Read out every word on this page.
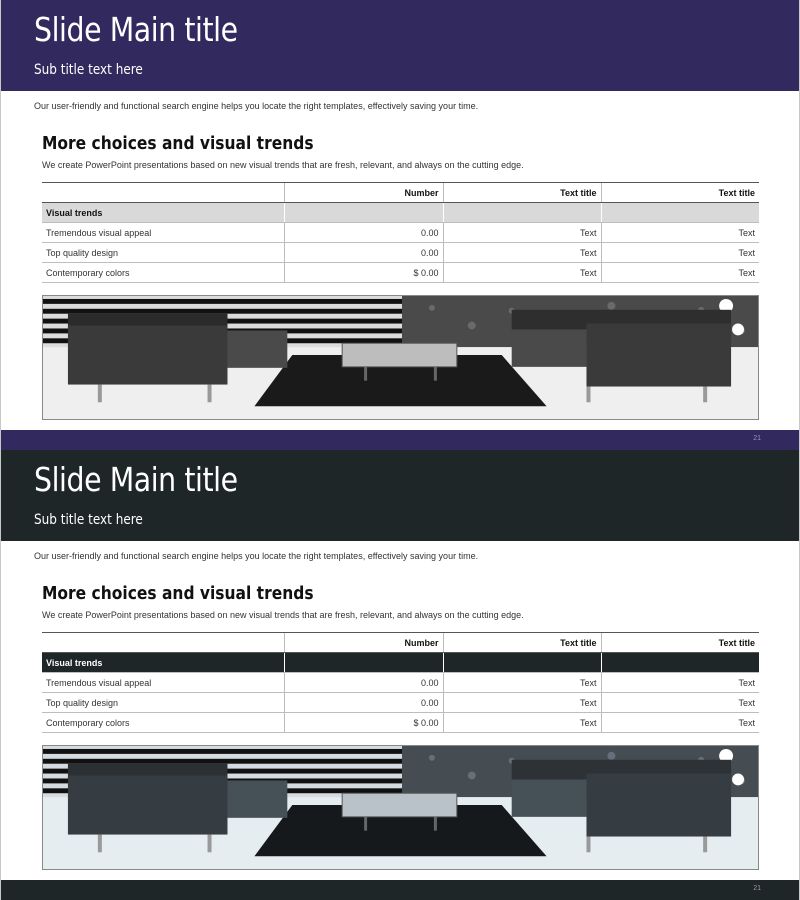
Slide Main title
Sub title text here
Our user-friendly and functional search engine helps you locate the right templates, effectively saving your time.
More choices and visual trends
We create PowerPoint presentations based on new visual trends that are fresh, relevant, and always on the cutting edge.
	Number	Text title	Text title
Visual trends			
Tremendous visual appeal	0.00	Text	Text
Top quality design	0.00	Text	Text
Contemporary colors	$ 0.00	Text	Text
21
Slide Main title
Sub title text here
Our user-friendly and functional search engine helps you locate the right templates, effectively saving your time.
More choices and visual trends
We create PowerPoint presentations based on new visual trends that are fresh, relevant, and always on the cutting edge.
	Number	Text title	Text title
Visual trends			
Tremendous visual appeal	0.00	Text	Text
Top quality design	0.00	Text	Text
Contemporary colors	$ 0.00	Text	Text
21
